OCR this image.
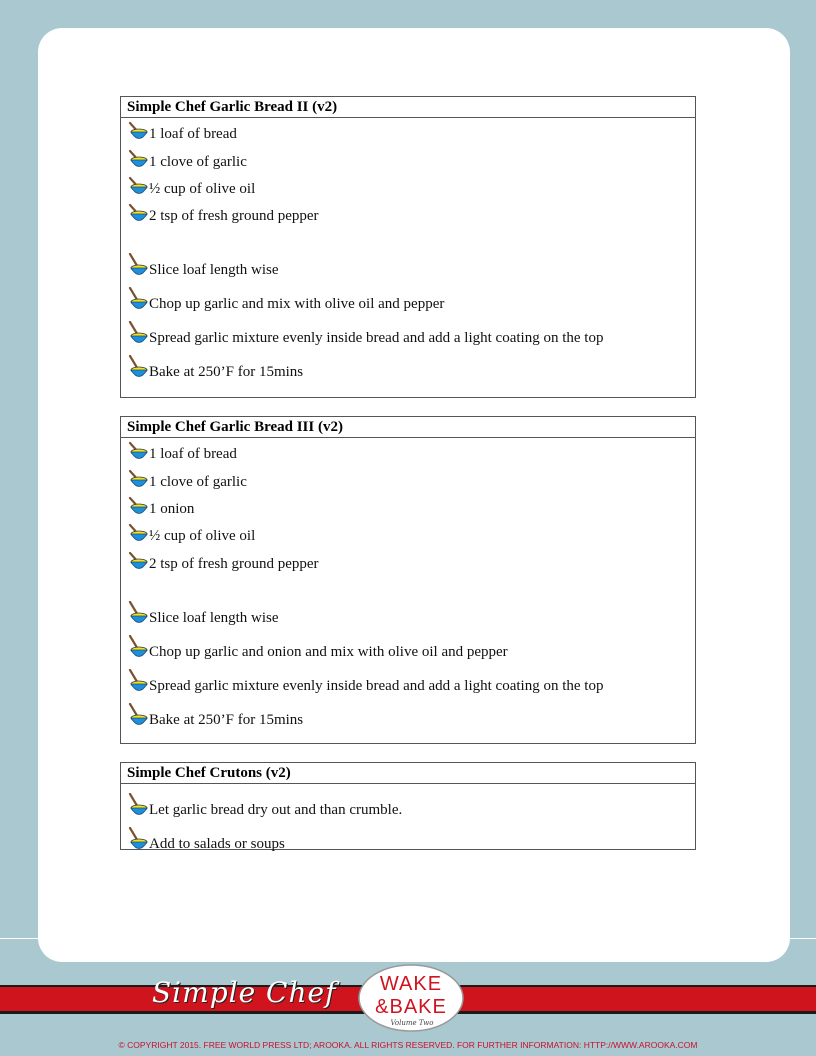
Simple Chef Garlic Bread II (v2)
1 loaf of bread
1 clove of garlic
½ cup of olive oil
2 tsp of fresh ground pepper
Slice loaf length wise
Chop up garlic and mix with olive oil and pepper
Spread garlic mixture evenly inside bread and add a light coating on the top
Bake at 250’F for 15mins
Simple Chef Garlic Bread III (v2)
1 loaf of bread
1 clove of garlic
1 onion
½ cup of olive oil
2 tsp of fresh ground pepper
Slice loaf length wise
Chop up garlic and onion and mix with olive oil and pepper
Spread garlic mixture evenly inside bread and add a light coating on the top
Bake at 250’F for 15mins
Simple Chef Crutons (v2)
Let garlic bread dry out and than crumble.
Add to salads or soups
Simple Chef WAKE
&BAKE
Volume Two
© COPYRIGHT 2015. FREE WORLD PRESS LTD; AROOKA. ALL RIGHTS RESERVED. FOR FURTHER INFORMATION: HTTP://WWW.AROOKA.COM
